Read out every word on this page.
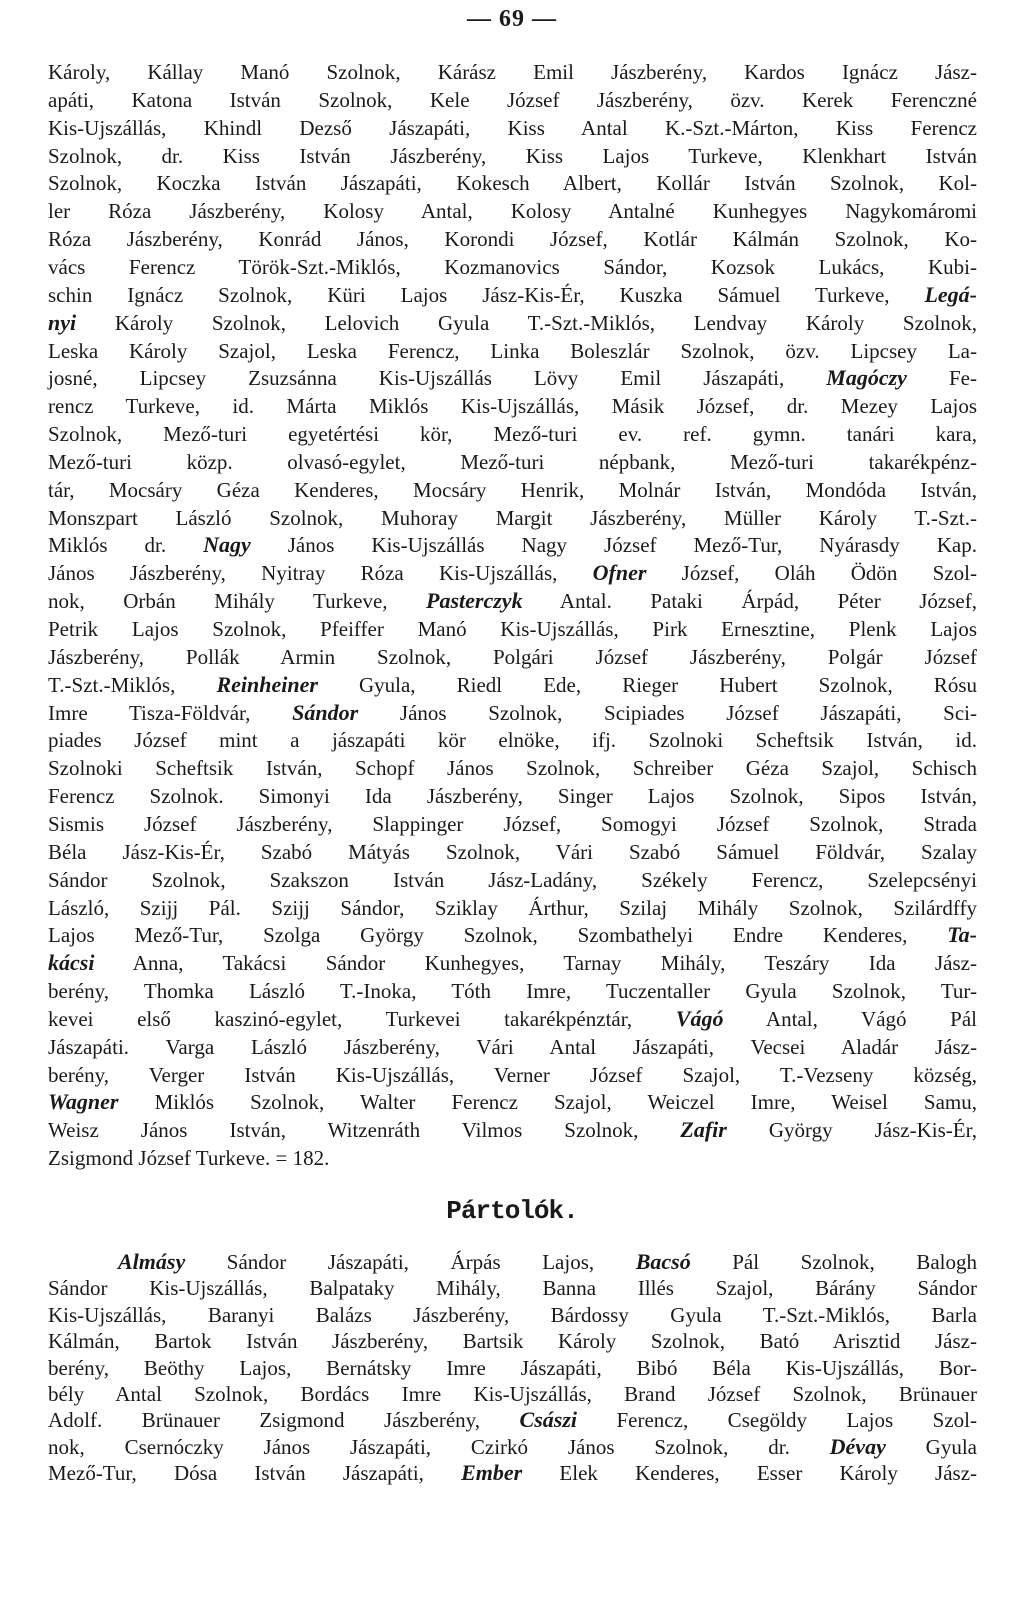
— 69 —
Károly, Kállay Manó Szolnok, Kárász Emil Jászberény, Kardos Ignácz Jász-
apáti, Katona István Szolnok, Kele József Jászberény, özv. Kerek Ferenczné
Kis-Ujszállás, Khindl Dezső Jászapáti, Kiss Antal K.-Szt.-Márton, Kiss Ferencz
Szolnok, dr. Kiss István Jászberény, Kiss Lajos Turkeve, Klenkhart István
Szolnok, Koczka István Jászapáti, Kokesch Albert, Kollár István Szolnok, Kol-
ler Róza Jászberény, Kolosy Antal, Kolosy Antalné Kunhegyes Nagykomáromi
Róza Jászberény, Konrád János, Korondi József, Kotlár Kálmán Szolnok, Ko-
vács Ferencz Török-Szt.-Miklós, Kozmanovics Sándor, Kozsok Lukács, Kubi-
schin Ignácz Szolnok, Küri Lajos Jász-Kis-Ér, Kuszka Sámuel Turkeve, Legá-
nyi Károly Szolnok, Lelovich Gyula T.-Szt.-Miklós, Lendvay Károly Szolnok,
Leska Károly Szajol, Leska Ferencz, Linka Boleszlár Szolnok, özv. Lipcsey La-
josné, Lipcsey Zsuzsánna Kis-Ujszállás Lövy Emil Jászapáti, Magóczy Fe-
rencz Turkeve, id. Márta Miklós Kis-Ujszállás, Másik József, dr. Mezey Lajos
Szolnok, Mező-turi egyetértési kör, Mező-turi ev. ref. gymn. tanári kara,
Mező-turi közp. olvasó-egylet, Mező-turi népbank, Mező-turi takarékpénz-
tár, Mocsáry Géza Kenderes, Mocsáry Henrik, Molnár István, Mondóda István,
Monszpart László Szolnok, Muhoray Margit Jászberény, Müller Károly T.-Szt.-
Miklós dr. Nagy János Kis-Ujszállás Nagy József Mező-Tur, Nyárasdy Kap.
János Jászberény, Nyitray Róza Kis-Ujszállás, Ofner József, Oláh Ödön Szol-
nok, Orbán Mihály Turkeve, Pasterczyk Antal. Pataki Árpád, Péter József,
Petrik Lajos Szolnok, Pfeiffer Manó Kis-Ujszállás, Pirk Ernesztine, Plenk Lajos
Jászberény, Pollák Armin Szolnok, Polgári József Jászberény, Polgár József
T.-Szt.-Miklós, Reinheiner Gyula, Riedl Ede, Rieger Hubert Szolnok, Rósu
Imre Tisza-Földvár, Sándor János Szolnok, Scipiades József Jászapáti, Sci-
piades József mint a jászapáti kör elnöke, ifj. Szolnoki Scheftsik István, id.
Szolnoki Scheftsik István, Schopf János Szolnok, Schreiber Géza Szajol, Schisch
Ferencz Szolnok. Simonyi Ida Jászberény, Singer Lajos Szolnok, Sipos István,
Sismis József Jászberény, Slappinger József, Somogyi József Szolnok, Strada
Béla Jász-Kis-Ér, Szabó Mátyás Szolnok, Vári Szabó Sámuel Földvár, Szalay
Sándor Szolnok, Szakszon István Jász-Ladány, Székely Ferencz, Szelepcsényi
László, Szijj Pál. Szijj Sándor, Sziklay Árthur, Szilaj Mihály Szolnok, Szilárdffy
Lajos Mező-Tur, Szolga György Szolnok, Szombathelyi Endre Kenderes, Ta-
kácsi Anna, Takácsi Sándor Kunhegyes, Tarnay Mihály, Teszáry Ida Jász-
berény, Thomka László T.-Inoka, Tóth Imre, Tuczentaller Gyula Szolnok, Tur-
kevei első kaszinó-egylet, Turkevei takarékpénztár, Vágó Antal, Vágó Pál
Jászapáti. Varga László Jászberény, Vári Antal Jászapáti, Vecsei Aladár Jász-
berény, Verger István Kis-Ujszállás, Verner József Szajol, T.-Vezseny község,
Wagner Miklós Szolnok, Walter Ferencz Szajol, Weiczel Imre, Weisel Samu,
Weisz János István, Witzenráth Vilmos Szolnok, Zafir György Jász-Kis-Ér,
Zsigmond József Turkeve. = 182.
Pártolók.
Almásy Sándor Jászapáti, Árpás Lajos, Bacsó Pál Szolnok, Balogh
Sándor Kis-Ujszállás, Balpataky Mihály, Banna Illés Szajol, Bárány Sándor
Kis-Ujszállás, Baranyi Balázs Jászberény, Bárdossy Gyula T.-Szt.-Miklós, Barla
Kálmán, Bartok István Jászberény, Bartsik Károly Szolnok, Bató Arisztid Jász-
berény, Beöthy Lajos, Bernátsky Imre Jászapáti, Bibó Béla Kis-Ujszállás, Bor-
bély Antal Szolnok, Bordács Imre Kis-Ujszállás, Brand József Szolnok, Brünauer
Adolf. Brünauer Zsigmond Jászberény, Császi Ferencz, Csegöldy Lajos Szol-
nok, Csernóczky János Jászapáti, Czirkó János Szolnok, dr. Dévay Gyula
Mező-Tur, Dósa István Jászapáti, Ember Elek Kenderes, Esser Károly Jász-
